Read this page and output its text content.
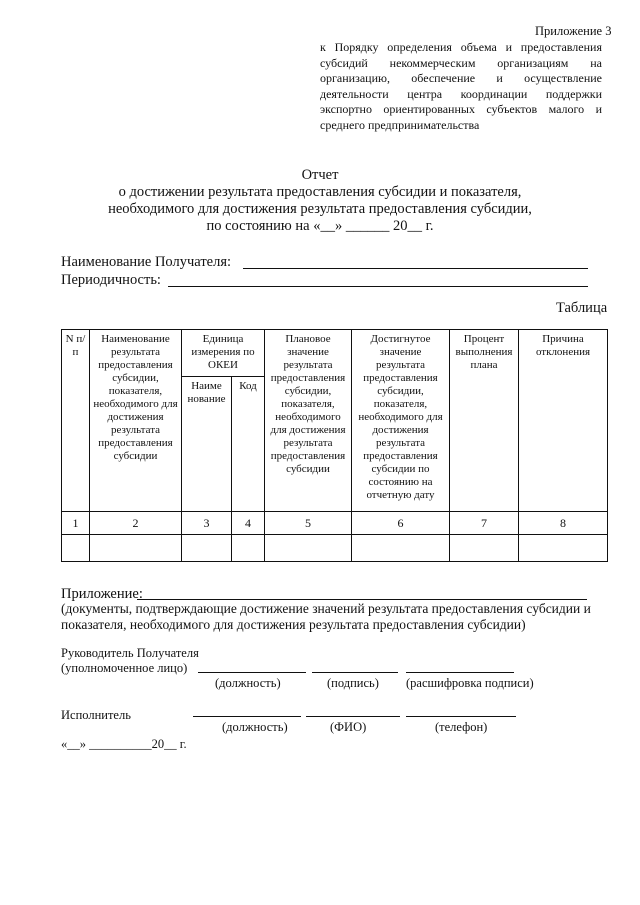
Приложение 3
к Порядку определения объема и предоставления субсидий некоммерческим организациям на организацию, обеспечение и осуществление деятельности центра координации поддержки экспортно ориентированных субъектов малого и среднего предпринимательства
Отчет
о достижении результата предоставления субсидии и показателя,
необходимого для достижения результата предоставления субсидии,
по состоянию на «__» ______ 20__ г.
Наименование Получателя:
Периодичность:
Таблица
N п/п	Наименование результата предоставления субсидии, показателя, необходимого для достижения результата предоставления субсидии	Единица измерения по ОКЕИ		Плановое значение результата предоставления субсидии, показателя, необходимого для достижения результата предоставления субсидии	Достигнутое значение результата предоставления субсидии, показателя, необходимого для достижения результата предоставления субсидии по состоянию на отчетную дату	Процент выполнения плана	Причина отклонения
		Наиме нование	Код				
1	2	3	4	5	6	7	8

Приложение:
(документы, подтверждающие достижение значений результата предоставления субсидии и показателя, необходимого для достижения результата предоставления субсидии)
Руководитель Получателя
(уполномоченное лицо)
(должность)	(подпись) (расшифровка подписи)
Исполнитель
(должность)	(ФИО)	(телефон)
«__» __________20__ г.
